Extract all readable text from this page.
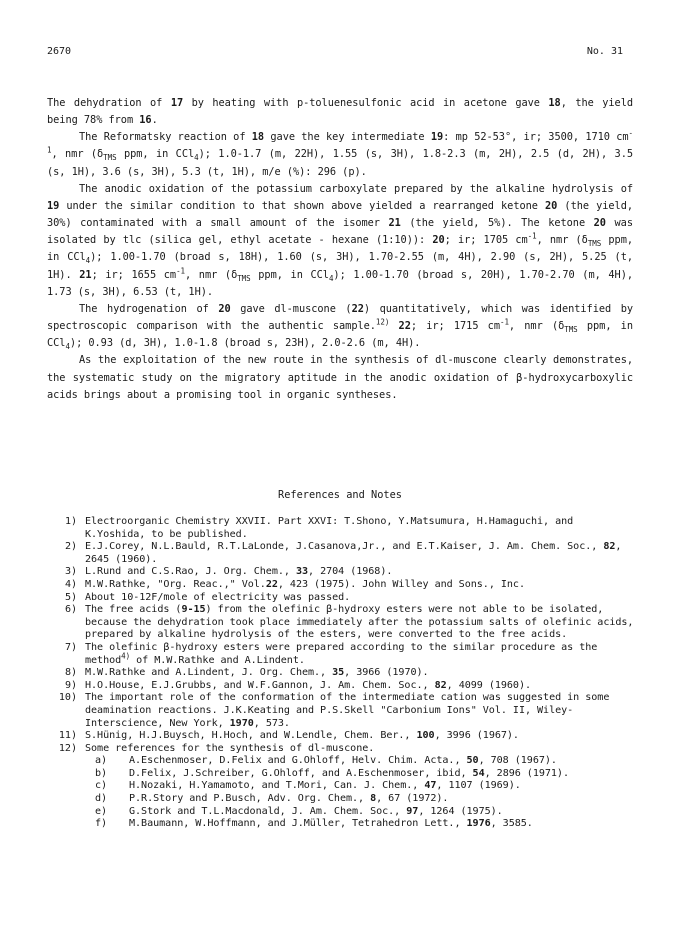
2670	No. 31

The dehydration of 17 by heating with p-toluenesulfonic acid in acetone gave 18, the yield being 78% from 16.

The Reformatsky reaction of 18 gave the key intermediate 19: mp 52-53°, ir; 3500, 1710 $cm^{-1}$, nmr ($\delta_{TMS}$ ppm, in CCl$_4$); 1.0-1.7 (m, 22H), 1.55 (s, 3H), 1.8-2.3 (m, 2H), 2.5 (d, 2H), 3.5 (s, 1H), 3.6 (s, 3H), 5.3 (t, 1H), m/e (%): 296 (p).

The anodic oxidation of the potassium carboxylate prepared by the alkaline hydrolysis of 19 under the similar condition to that shown above yielded a rearranged ketone 20 (the yield, 30%) contaminated with a small amount of the isomer 21 (the yield, 5%). The ketone 20 was isolated by tlc (silica gel, ethyl acetate - hexane (1:10)): 20; ir; 1705 $cm^{-1}$, nmr ($\delta_{TMS}$ ppm, in CCl$_4$); 1.00-1.70 (broad s, 18H), 1.60 (s, 3H), 1.70-2.55 (m, 4H), 2.90 (s, 2H), 5.25 (t, 1H). 21; ir; 1655 $cm^{-1}$, nmr ($\delta_{TMS}$ ppm, in CCl$_4$); 1.00-1.70 (broad s, 20H), 1.70-2.70 (m, 4H), 1.73 (s, 3H), 6.53 (t, 1H).

The hydrogenation of 20 gave dl-muscone (22) quantitatively, which was identified by spectroscopic comparison with the authentic sample.$^{12)}$ 22; ir; 1715 $cm^{-1}$, nmr ($\delta_{TMS}$ ppm, in CCl$_4$); 0.93 (d, 3H), 1.0-1.8 (broad s, 23H), 2.0-2.6 (m, 4H).

As the exploitation of the new route in the synthesis of dl-muscone clearly demonstrates, the systematic study on the migratory aptitude in the anodic oxidation of β-hydroxycarboxylic acids brings about a promising tool in organic syntheses.

References and Notes
1) Electroorganic Chemistry XXVII. Part XXVI: T.Shono, Y.Matsumura, H.Hamaguchi, and K.Yoshida, to be published.
2) E.J.Corey, N.L.Bauld, R.T.LaLonde, J.Casanova,Jr., and E.T.Kaiser, J. Am. Chem. Soc., 82, 2645 (1960).
3) L.Rund and C.S.Rao, J. Org. Chem., 33, 2704 (1968).
4) M.W.Rathke, "Org. Reac.," Vol.22, 423 (1975). John Willey and Sons., Inc.
5) About 10-12F/mole of electricity was passed.
6) The free acids (9-15) from the olefinic β-hydroxy esters were not able to be isolated, because the dehydration took place immediately after the potassium salts of olefinic acids, prepared by alkaline hydrolysis of the esters, were converted to the free acids.
7) The olefinic β-hydroxy esters were prepared according to the similar procedure as the method$^{4)}$ of M.W.Rathke and A.Lindent.
8) M.W.Rathke and A.Lindent, J. Org. Chem., 35, 3966 (1970).
9) H.O.House, E.J.Grubbs, and W.F.Gannon, J. Am. Chem. Soc., 82, 4099 (1960).
10) The important role of the conformation of the intermediate cation was suggested in some deamination reactions. J.K.Keating and P.S.Skell "Carbonium Ions" Vol. II, Wiley-Interscience, New York, 1970, 573.
11) S.Hünig, H.J.Buysch, H.Hoch, and W.Lendle, Chem. Ber., 100, 3996 (1967).
12) Some references for the synthesis of dl-muscone.
a)	A.Eschenmoser, D.Felix and G.Ohloff, Helv. Chim. Acta., 50, 708 (1967).
b)	D.Felix, J.Schreiber, G.Ohloff, and A.Eschenmoser, ibid, 54, 2896 (1971).
c)	H.Nozaki, H.Yamamoto, and T.Mori, Can. J. Chem., 47, 1107 (1969).
d)	P.R.Story and P.Busch, Adv. Org. Chem., 8, 67 (1972).
e)	G.Stork and T.L.Macdonald, J. Am. Chem. Soc., 97, 1264 (1975).
f)	M.Baumann, W.Hoffmann, and J.Müller, Tetrahedron Lett., 1976, 3585.
